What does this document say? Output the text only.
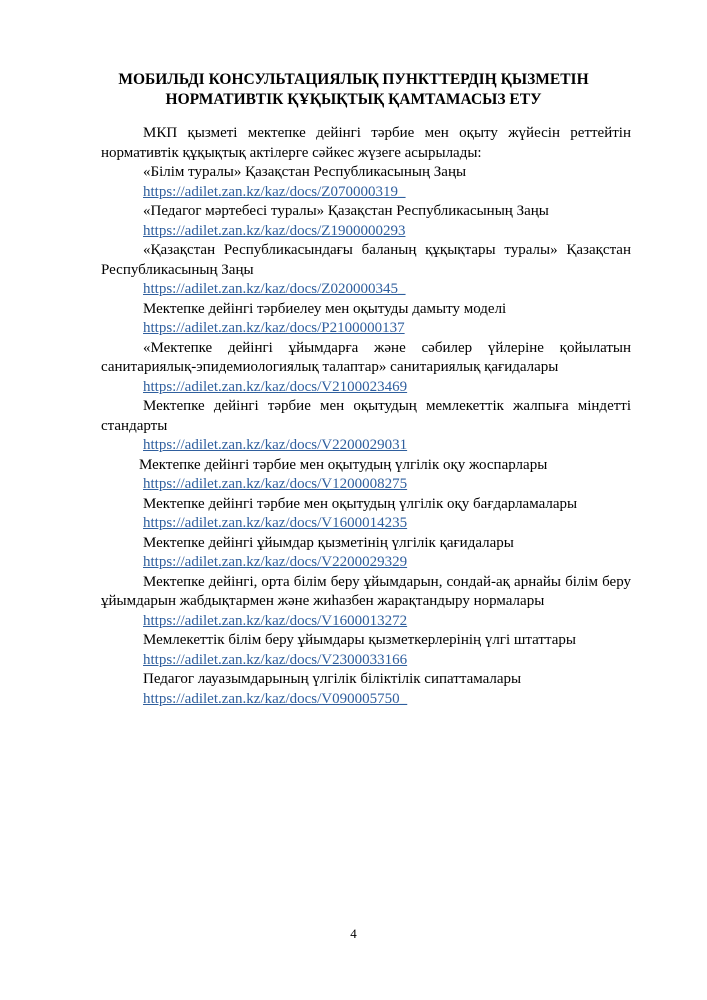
МОБИЛЬДІ КОНСУЛЬТАЦИЯЛЫҚ ПУНКТТЕРДІҢ ҚЫЗМЕТІН
НОРМАТИВТІК ҚҰҚЫҚТЫҚ ҚАМТАМАСЫЗ ЕТУ

МКП қызметі мектепке дейінгі тәрбие мен оқыту жүйесін реттейтін нормативтік құқықтық актілерге сәйкес жүзеге асырылады:

«Білім туралы» Қазақстан Республикасының Заңы

https://adilet.zan.kz/kaz/docs/Z070000319_

«Педагог мәртебесі туралы» Қазақстан Республикасының Заңы

https://adilet.zan.kz/kaz/docs/Z1900000293

«Қазақстан Республикасындағы баланың құқықтары туралы» Қазақстан Республикасының Заңы

https://adilet.zan.kz/kaz/docs/Z020000345_

Мектепке дейінгі тәрбиелеу мен оқытуды дамыту моделі

https://adilet.zan.kz/kaz/docs/P2100000137

«Мектепке дейінгі ұйымдарға және сәбилер үйлеріне қойылатын санитариялық-эпидемиологиялық талаптар» санитариялық қағидалары

https://adilet.zan.kz/kaz/docs/V2100023469

Мектепке дейінгі тәрбие мен оқытудың мемлекеттік жалпыға міндетті стандарты

https://adilet.zan.kz/kaz/docs/V2200029031

Мектепке дейінгі тәрбие мен оқытудың үлгілік оқу жоспарлары

https://adilet.zan.kz/kaz/docs/V1200008275

Мектепке дейінгі тәрбие мен оқытудың үлгілік оқу бағдарламалары

https://adilet.zan.kz/kaz/docs/V1600014235

Мектепке дейінгі ұйымдар қызметінің үлгілік қағидалары

https://adilet.zan.kz/kaz/docs/V2200029329

Мектепке дейінгі, орта білім беру ұйымдарын, сондай-ақ арнайы білім беру ұйымдарын жабдықтармен және жиһазбен жарақтандыру нормалары

https://adilet.zan.kz/kaz/docs/V1600013272

Мемлекеттік білім беру ұйымдары қызметкерлерінің үлгі штаттары

https://adilet.zan.kz/kaz/docs/V2300033166

Педагог лауазымдарының үлгілік біліктілік сипаттамалары

https://adilet.zan.kz/kaz/docs/V090005750_

4
